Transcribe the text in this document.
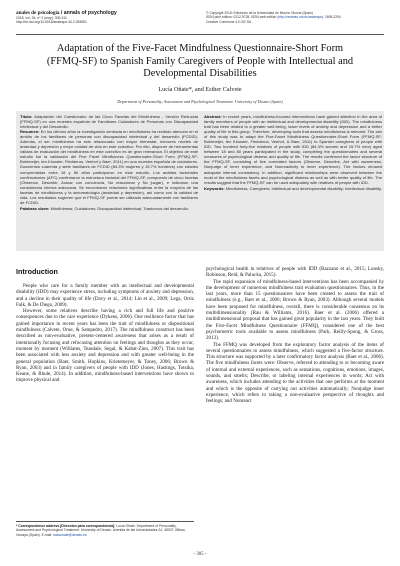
anales de psicología / annals of psychology
2018, vol. 34, nº 2 (may), 305-311
http://dx.doi.org/10.6018/analesps.34.2.284951
© Copyright 2018: Ediciones de la Universidad de Murcia. Murcia (Spain)
ISSN print edition: 0212-9728. ISSN web edition (http://revistas.um.es/analesps): 1695-2294
Creative Commons 4.0: BY-SA
Adaptation of the Five-Facet Mindfulness Questionnaire-Short Form (FFMQ-SF) to Spanish Family Caregivers of People with Intellectual and Developmental Disabilities
Lucía Oñate*, and Esther Calvete
Department of Personality, Assessment and Psychological Treatment. University of Deusto (Spain)
Título: Adaptación del Cuestionario de las Cinco Facetas del Mindfulness - Versión Reducida (FFMQ-SF) en una muestra española de Familiares Cuidadores de Personas con Discapacidad Intelectual y del Desarrollo.
Resumen: En los últimos años la investigación centrada en mindfulness ha recibido atención en el ámbito de los familiares de personas con discapacidad intelectual y del desarrollo (FCDID). Además, el ser mindfulness ha sido relacionado con mayor bienestar, menores niveles de ansiedad y depresión y mejor calidad de vida en este colectivo. Por ello, disponer de herramientas válidas de evaluación del mindfulness en este colectivo es de gran relevancia. El objetivo de este estudio fue la validación del Five Facet Mindfulness Questionnaire-Short Form (FFMQ-SF; Bohlmeijer, ten Klooster, Fledderus, Veehof y Baer, 2011) en una muestra española de cuidadores. Doscientos cuarenta y siete familiares de FCDID (84.3% mujeres y 15.7% hombres) con edades comprendidas entre 18 y 80 años participaron en este estudio. Los análisis factoriales confirmatorios (AFC) confirmaron la estructura factorial del FFMQ-SF, compuesto de cinco facetas (Observar, Describir, Actuar con conciencia, No reaccionar y No juzgar), e indicaron una consistencia interna adecuada. Se encontraron relaciones significativas entre la mayoría de las facetas de mindfulness y la sintomatología (ansiedad y depresión), así como con la calidad de vida. Los resultados sugieren que el FFMQ-SF puede ser utilizado adecuadamente con familiares de FCDID.
Palabras clave: Mindfulness; Cuidadores; Discapacidad intelectual; Trastornos del desarrollo.
Abstract: In recent years, mindfulness-focused interventions have gained attention in the area of family members of people with an intellectual and developmental disability (IDD). The mindfulness trait has been related to a greater well-being, lower levels of anxiety and depression and a better quality of life in this group. Therefore, developing tools that assess mindfulness is relevant. The aim of this study was to adapt the Five-Facet Mindfulness Questionnaire-Short Form (FFMQ-SF; Bohlmeijer, ten Klooster, Fledderus, Veehof, & Baer, 2011) to Spanish caregivers of people with IDD. Two hundred forty-five relatives of people with IDD (84.3% women and 15.7% men) aged between 18 and 80 years participated in the study, completing the questionnaires and several measures of psychological distress and quality of life. The results confirmed the factor structure of the FFMQ-SF, consisting of five correlated factors (Observe, Describe, Act with awareness, Nonjudge of inner experience, and Nonreactivity to inner experience). The factors showed adequate internal consistency. In addition, significant relationships were observed between the most of the mindfulness facets and psychological distress as well as with better quality of life. The results suggest that the FFMQ-SF can be used adequately with relatives of people with IDD.
Keywords: Mindfulness; Caregivers; Intellectual and developmental disability; Intellectual disability.
Introduction

People who care for a family member with an intellectual and developmental disability (IDD) may experience stress, including symptoms of anxiety and depression, and a decline in their quality of life (Davy et al., 2014; Lin et al., 2009; Lega, Ortiz Falk, & De Diego, 2009).

However, some relatives describe having a rich and full life and positive consequences due to the care experience (Dykens, 2006). One resilience factor that has gained importance in recent years has been the trait of mindfulness or dispositional mindfulness (Calvete, Orue, & Sampedro, 2017). The mindfulness construct has been described as non-evaluative, present-centered awareness that arises as a result of intentionally focusing and refocusing attention on feelings and thoughts as they occur, moment by moment (Williams, Teasdale, Segal, & Kabat-Zinn, 2007). This trait has been associated with less anxiety and depression and with greater well-being in the general population (Baer, Smith, Hopkins, Krietemeyer, & Toney, 2006; Brown & Ryan, 2003) and in family caregivers of people with IDD (Jones, Hastings, Totsika, Keane, & Rhule, 2014). In addition, mindfulness-based interventions have shown to improve physical and

psychological health in relatives of people with IDD (Bazzano et al., 2015; Lunsky, Robinson, Reid, & Palucka, 2015).

The rapid expansion of mindfulness-based interventions has been accompanied by the development of numerous mindfulness trait evaluation questionnaires. Thus, in the last years, more than 15 questionnaires have been created to assess the trait of mindfulness (e.g., Baer et al., 2006; Brown & Ryan, 2003). Although several models have been proposed for mindfulness, overall, there is considerable consensus on its multidimensionality (Rau & Williams, 2016). Baer et al. (2006) offered a multidimensional proposal that has gained great popularity in the last years. They built the Five-Facet Mindfulness Questionnaire (FFMQ), considered one of the best psychometric tools available to assess mindfulness (Park, Reilly-Spong, & Gross, 2013).

The FFMQ was developed from the exploratory factor analysis of the items of several questionnaires to assess mindfulness, which suggested a five-factor structure. This structure was supported by a later confirmatory factor analysis (Baer et al., 2006). The five mindfulness facets were: Observe, referred to attending to or becoming aware of internal and external experiences, such as sensations, cognitions, emotions, images, sounds, and smells; Describe, or labeling internal experiences in words; Act with awareness, which includes attending to the activities that one performs at the moment and which is the opposite of carrying out activities automatically; Nonjudge inner experience, which refers to taking a non-evaluative perspective of thoughts and feelings; and Nonreact

* Correspondence address [Dirección para correspondencia]: Lucía Oñate. Department of Personality, Assessment and Psychological Treatment. University of Deusto. Avenida de las Universidades 24, 48007, Bilbao, Vizcaya (Spain). E-mail: luciaonate@deusto.es
- 305 -
